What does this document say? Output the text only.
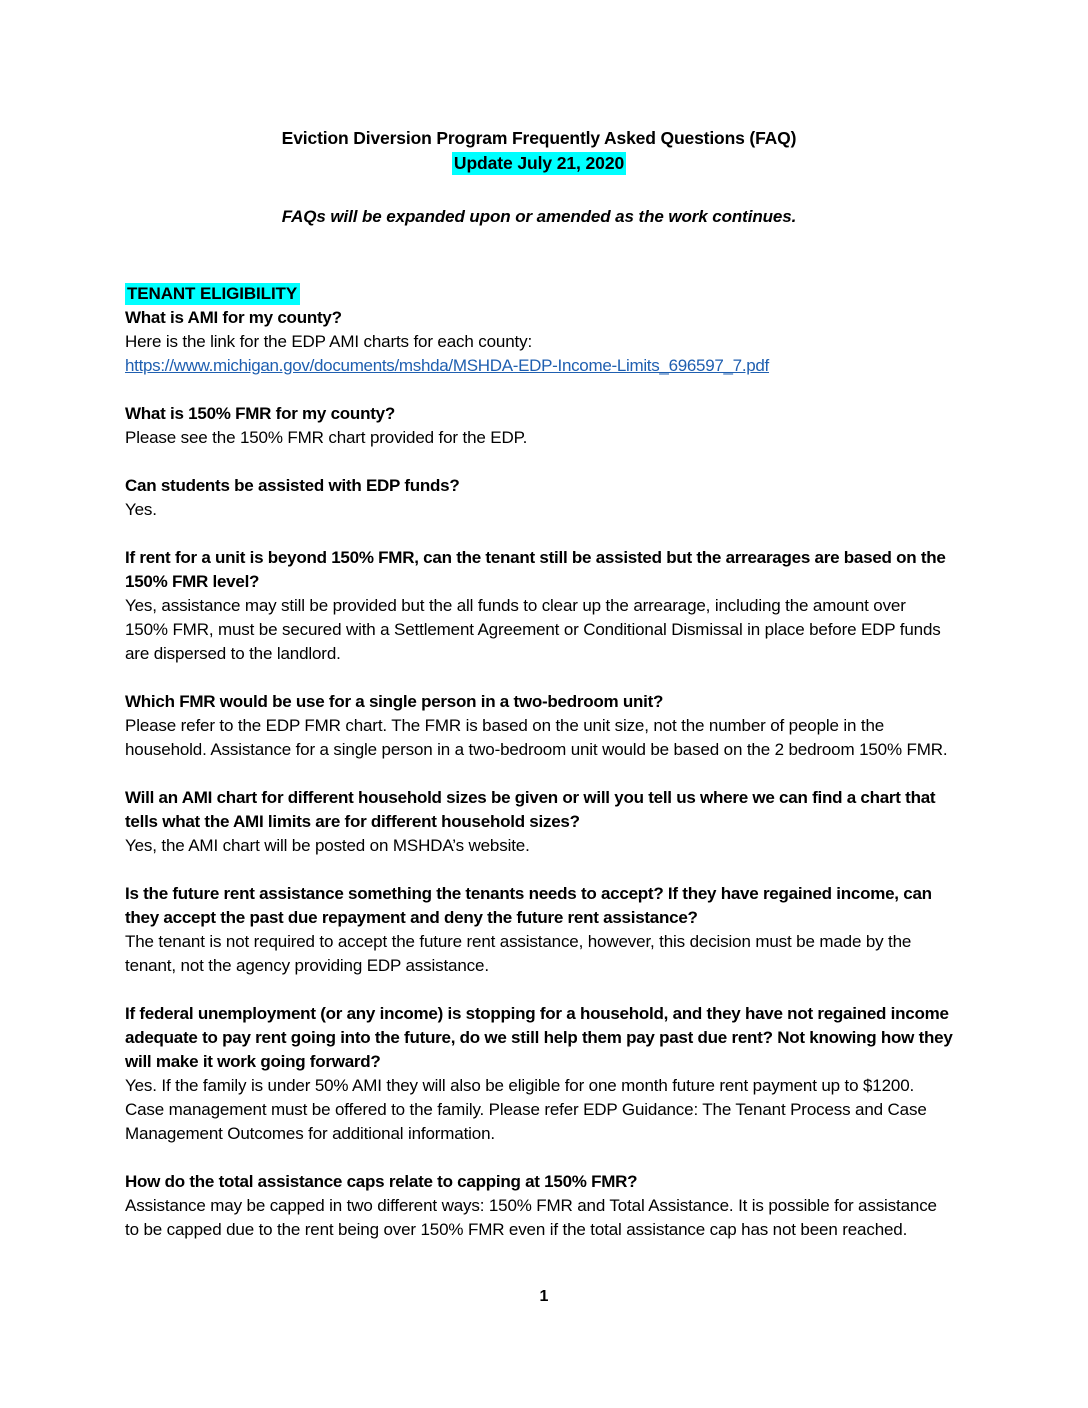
Eviction Diversion Program Frequently Asked Questions (FAQ)
Update July 21, 2020
FAQs will be expanded upon or amended as the work continues.
TENANT ELIGIBILITY

What is AMI for my county?

Here is the link for the EDP AMI charts for each county:

https://www.michigan.gov/documents/mshda/MSHDA-EDP-Income-Limits_696597_7.pdf

What is 150% FMR for my county?

Please see the 150% FMR chart provided for the EDP.

Can students be assisted with EDP funds?

Yes.

If rent for a unit is beyond 150% FMR, can the tenant still be assisted but the arrearages are based on the 150% FMR level?

Yes, assistance may still be provided but the all funds to clear up the arrearage, including the amount over 150% FMR, must be secured with a Settlement Agreement or Conditional Dismissal in place before EDP funds are dispersed to the landlord.

Which FMR would be use for a single person in a two-bedroom unit?

Please refer to the EDP FMR chart. The FMR is based on the unit size, not the number of people in the household. Assistance for a single person in a two-bedroom unit would be based on the 2 bedroom 150% FMR.

Will an AMI chart for different household sizes be given or will you tell us where we can find a chart that tells what the AMI limits are for different household sizes?

Yes, the AMI chart will be posted on MSHDA’s website.

Is the future rent assistance something the tenants needs to accept? If they have regained income, can they accept the past due repayment and deny the future rent assistance?

The tenant is not required to accept the future rent assistance, however, this decision must be made by the tenant, not the agency providing EDP assistance.

If federal unemployment (or any income) is stopping for a household, and they have not regained income adequate to pay rent going into the future, do we still help them pay past due rent? Not knowing how they will make it work going forward?

Yes. If the family is under 50% AMI they will also be eligible for one month future rent payment up to $1200. Case management must be offered to the family. Please refer EDP Guidance: The Tenant Process and Case Management Outcomes for additional information.

How do the total assistance caps relate to capping at 150% FMR?

Assistance may be capped in two different ways: 150% FMR and Total Assistance. It is possible for assistance to be capped due to the rent being over 150% FMR even if the total assistance cap has not been reached.

1
